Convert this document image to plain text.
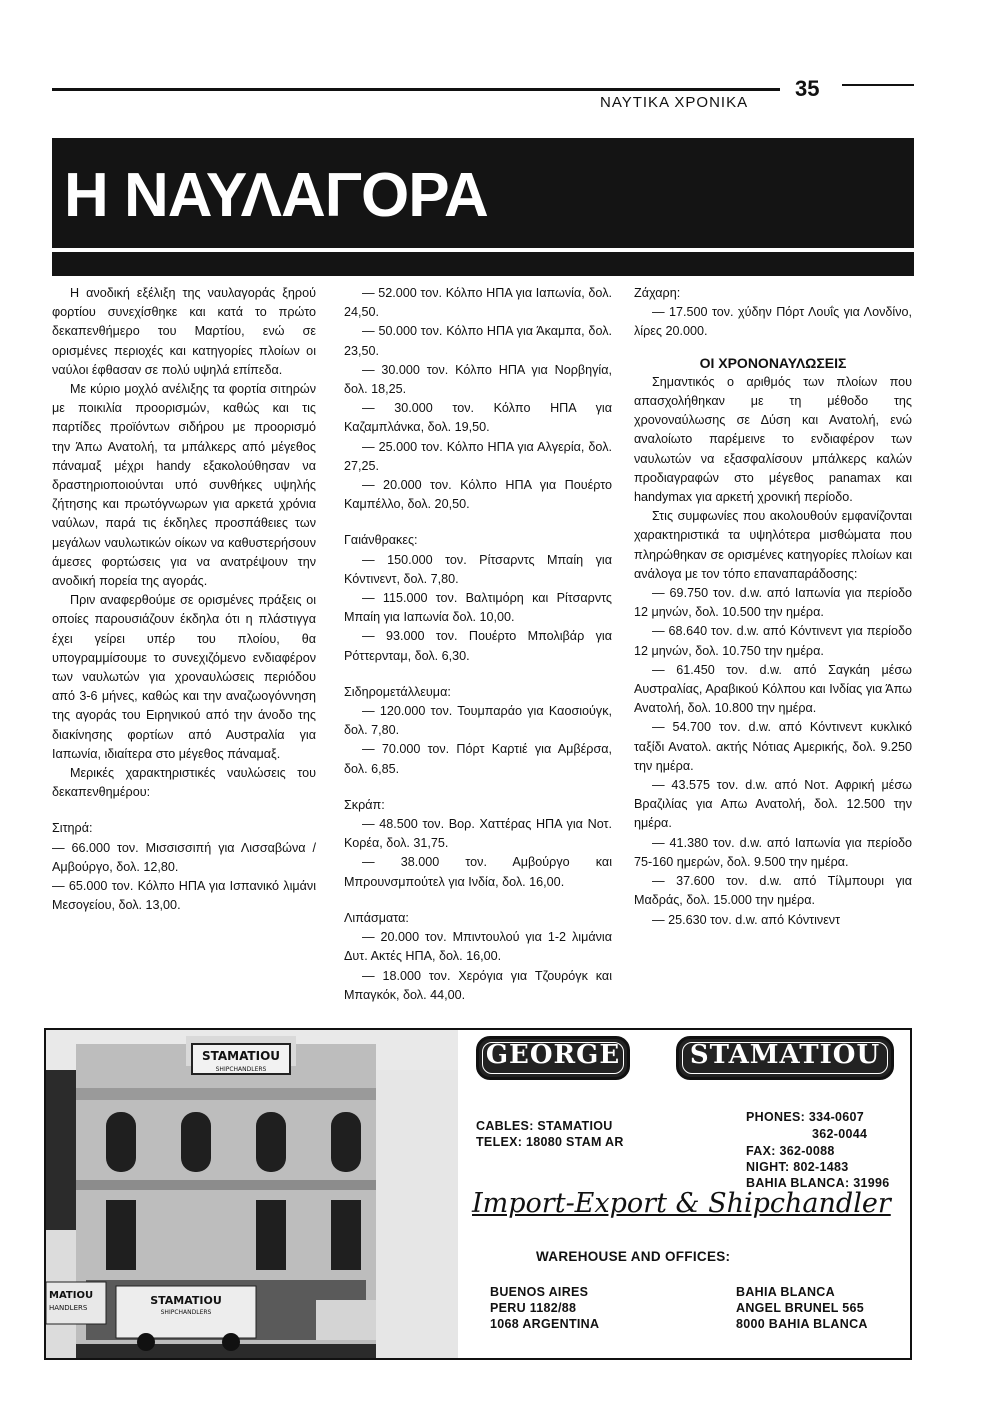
ΝΑΥΤΙΚΑ ΧΡΟΝΙΚΑ
35
Η ΝΑΥΛΑΓΟΡΑ

Η ανοδική εξέλιξη της ναυλαγοράς ξηρού φορτίου συνεχίσθηκε και κατά το πρώτο δεκαπενθήμερο του Μαρτίου, ενώ σε ορισμένες περιοχές και κατηγορίες πλοίων οι ναύλοι έφθασαν σε πολύ υψηλά επίπεδα.

Με κύριο μοχλό ανέλιξης τα φορτία σιτηρών με ποικιλία προορισμών, καθώς και τις παρτίδες προϊόντων σιδήρου με προορισμό την Άπω Ανατολή, τα μπάλκερς από μέγεθος πάναμαξ μέχρι handy εξακολούθησαν να δραστηριοποιούνται υπό συνθήκες υψηλής ζήτησης και πρωτόγνωρων για αρκετά χρόνια ναύλων, παρά τις έκδηλες προσπάθειες των μεγάλων ναυλωτικών οίκων να καθυστερήσουν άμεσες φορτώσεις για να ανατρέψουν την ανοδική πορεία της αγοράς.

Πριν αναφερθούμε σε ορισμένες πράξεις οι οποίες παρουσιάζουν έκδηλα ότι η πλάστιγγα έχει γείρει υπέρ του πλοίου, θα υπογραμμίσουμε το συνεχιζόμενο ενδιαφέρον των ναυλωτών για χροναυλώσεις περιόδου από 3-6 μήνες, καθώς και την αναζωογόννηση της αγοράς του Ειρηνικού από την άνοδο της διακίνησης φορτίων από Αυστραλία για Ιαπωνία, ιδιαίτερα στο μέγεθος πάναμαξ.

Μερικές χαρακτηριστικές ναυλώσεις του δεκαπενθημέρου:

Σιτηρά:

— 66.000 τον. Μισσισσιπή για Λισσαβώνα / Αμβούργο, δολ. 12,80.

— 65.000 τον. Κόλπο ΗΠΑ για Ισπανικό λιμάνι Μεσογείου, δολ. 13,00.

— 52.000 τον. Κόλπο ΗΠΑ για Ιαπωνία, δολ. 24,50.

— 50.000 τον. Κόλπο ΗΠΑ για Άκαμπα, δολ. 23,50.

— 30.000 τον. Κόλπο ΗΠΑ για Νορβηγία, δολ. 18,25.

— 30.000 τον. Κόλπο ΗΠΑ για Καζαμπλάνκα, δολ. 19,50.

— 25.000 τον. Κόλπο ΗΠΑ για Αλγερία, δολ. 27,25.

— 20.000 τον. Κόλπο ΗΠΑ για Πουέρτο Καμπέλλο, δολ. 20,50.

Γαιάνθρακες:

— 150.000 τον. Ρίτσαρντς Μπαίη για Κόντινεντ, δολ. 7,80.

— 115.000 τον. Βαλτιμόρη και Ρίτσαρντς Μπαίη για Ιαπωνία δολ. 10,00.

— 93.000 τον. Πουέρτο Μπολιβάρ για Ρόττερνταμ, δολ. 6,30.

Σιδηρομετάλλευμα:

— 120.000 τον. Τουμπαράο για Καοσιούγκ, δολ. 7,80.

— 70.000 τον. Πόρτ Καρτιέ για Αμβέρσα, δολ. 6,85.

Σκράπ:

— 48.500 τον. Βορ. Χαττέρας ΗΠΑ για Νοτ. Κορέα, δολ. 31,75.

— 38.000 τον. Αμβούργο και Μπρουνσμπούτελ για Ινδία, δολ. 16,00.

Λιπάσματα:

— 20.000 τον. Μπιντουλού για 1-2 λιμάνια Δυτ. Ακτές ΗΠΑ, δολ. 16,00.

— 18.000 τον. Χερόγια για Τζουρόγκ και Μπαγκόκ, δολ. 44,00.

Ζάχαρη:

— 17.500 τον. χύδην Πόρτ Λουΐς για Λονδίνο, λίρες 20.000.

ΟΙ ΧΡΟΝΟΝΑΥΛΩΣΕΙΣ

Σημαντικός ο αριθμός των πλοίων που απασχολήθηκαν με τη μέθοδο της χρονοναύλωσης σε Δύση και Ανατολή, ενώ αναλοίωτο παρέμεινε το ενδιαφέρον των ναυλωτών να εξασφαλίσουν μπάλκερς καλών προδιαγραφών στο μέγεθος panamax και handymax για αρκετή χρονική περίοδο.

Στις συμφωνίες που ακολουθούν εμφανίζονται χαρακτηριστικά τα υψηλότερα μισθώματα που πληρώθηκαν σε ορισμένες κατηγορίες πλοίων και ανάλογα με τον τόπο επαναπαράδοσης:

— 69.750 τον. d.w. από Ιαπωνία για περίοδο 12 μηνών, δολ. 10.500 την ημέρα.

— 68.640 τον. d.w. από Κόντινεντ για περίοδο 12 μηνών, δολ. 10.750 την ημέρα.

— 61.450 τον. d.w. από Σαγκάη μέσω Αυστραλίας, Αραβικού Κόλπου και Ινδίας για Άπω Ανατολή, δολ. 10.800 την ημέρα.

— 54.700 τον. d.w. από Κόντινεντ κυκλικό ταξίδι Ανατολ. ακτής Νότιας Αμερικής, δολ. 9.250 την ημέρα.

— 43.575 τον. d.w. από Νοτ. Αφρική μέσω Βραζιλίας για Απω Ανατολή, δολ. 12.500 την ημέρα.

— 41.380 τον. d.w. από Ιαπωνία για περίοδο 75-160 ημερών, δολ. 9.500 την ημέρα.

— 37.600 τον. d.w. από Τίλμπουρι για Μαδράς, δολ. 15.000 την ημέρα.

— 25.630 τον. d.w. από Κόντινεντ

STAMATIOU
SHIPCHANDLERS
MATIOU
HANDLERS
STAMATIOU
SHIPCHANDLERS
GEORGE	STAMATIOU
CABLES: STAMATIOU
TELEX: 18080 STAM AR
PHONES: 334-0607
362-0044
FAX: 362-0088
NIGHT: 802-1483
BAHIA BLANCA: 31996
Import-Export & Shipchandler
WAREHOUSE AND OFFICES:
BUENOS AIRES
PERU 1182/88
1068 ARGENTINA
BAHIA BLANCA
ANGEL BRUNEL 565
8000 BAHIA BLANCA
